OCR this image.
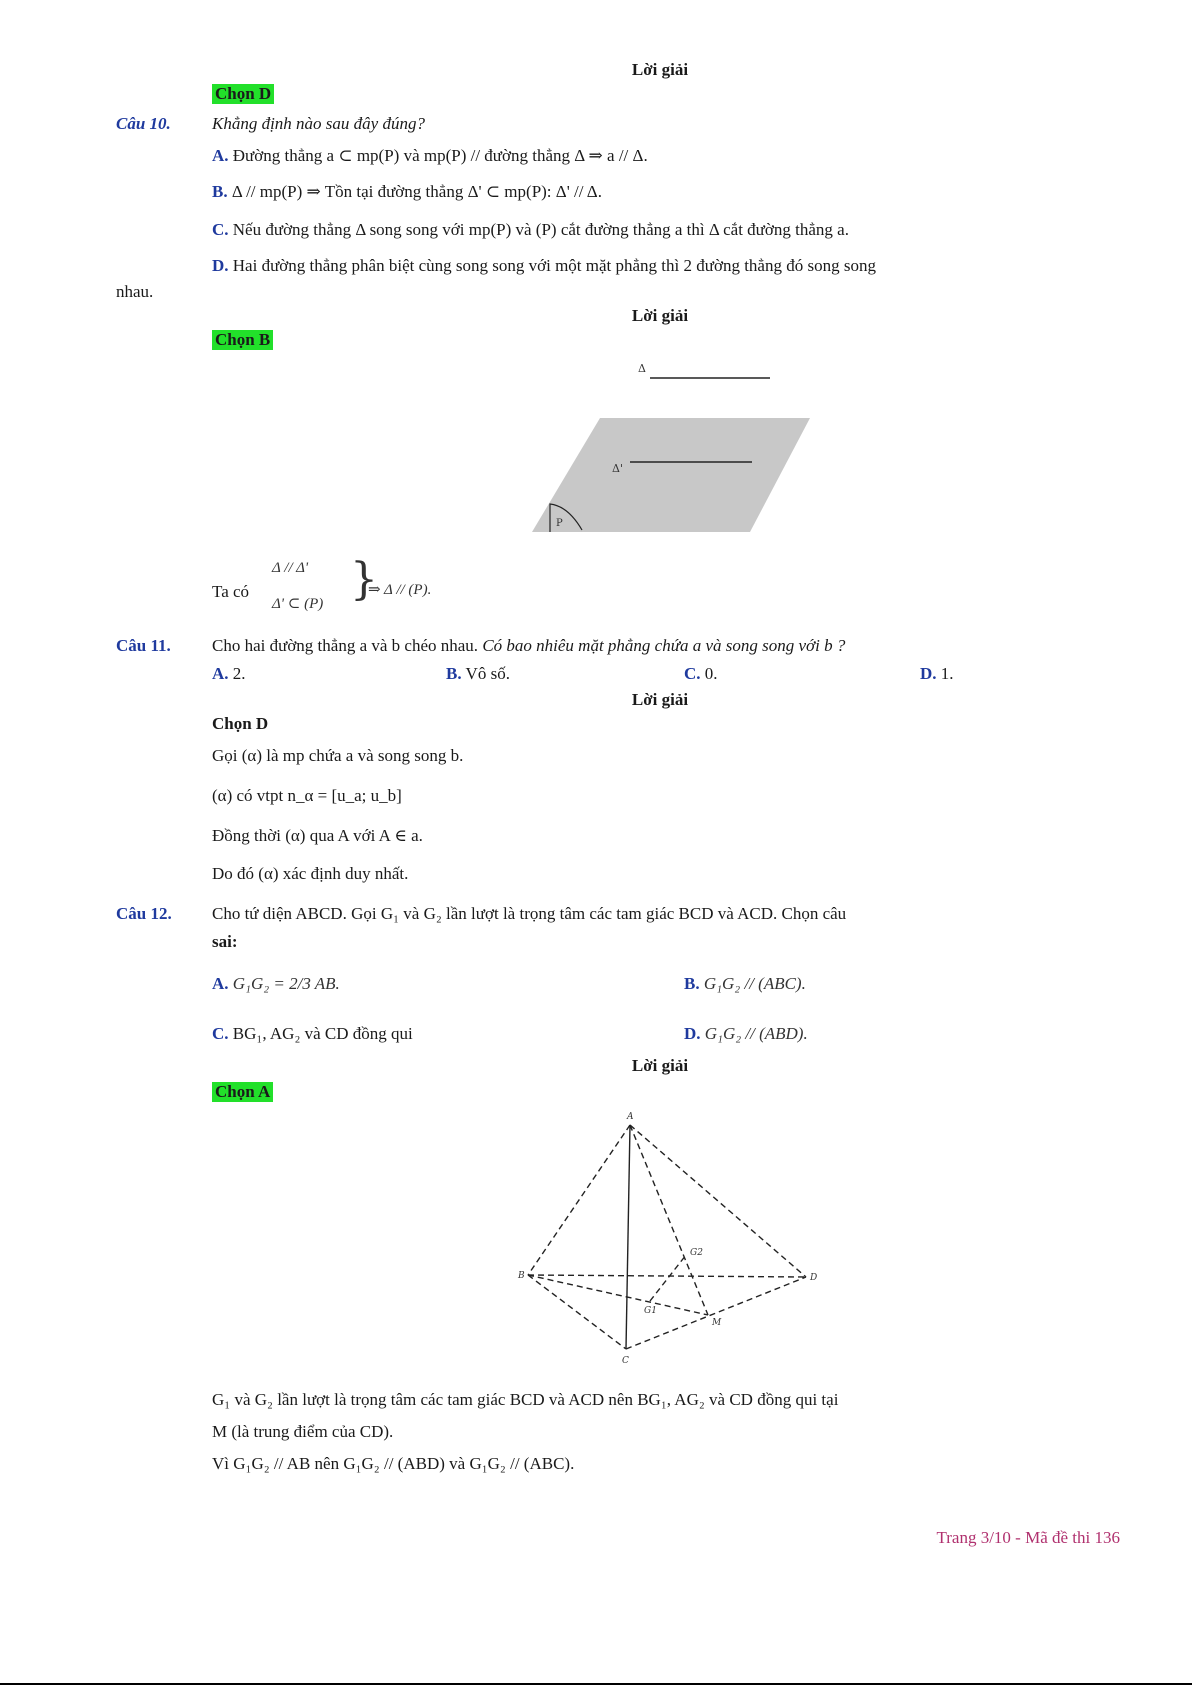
Lời giải
Chọn D
Câu 10. Khẳng định nào sau đây đúng?
A. Đường thẳng a ⊂ mp(P) và mp(P) // đường thẳng Δ ⇒ a // Δ.
B. Δ // mp(P) ⇒ Tồn tại đường thẳng Δ' ⊂ mp(P): Δ' // Δ.
C. Nếu đường thẳng Δ song song với mp(P) và (P) cắt đường thẳng a thì Δ cắt đường thẳng a.
D. Hai đường thẳng phân biệt cùng song song với một mặt phẳng thì 2 đường thẳng đó song song
nhau.
Lời giải
Chọn B
Δ
Δ'
P
Ta có
Δ // Δ'
Δ' ⊂ (P) }
⇒ Δ // (P).
Câu 11. Cho hai đường thẳng a và b chéo nhau. Có bao nhiêu mặt phẳng chứa a và song song với b ?
A. 2.	B. Vô số.	C. 0.	D. 1.
Lời giải
Chọn D
Gọi (α) là mp chứa a và song song b.
(α) có vtpt n_α = [u_a; u_b]
Đồng thời (α) qua A với A ∈ a.
Do đó (α) xác định duy nhất.
Câu 12. Cho tứ diện ABCD. Gọi G₁ và G₂ lần lượt là trọng tâm các tam giác BCD và ACD. Chọn câu
sai:
A. G₁G₂ = 2/3 AB.	B. G₁G₂ // (ABC).
C. BG₁, AG₂ và CD đồng qui	D. G₁G₂ // (ABD).
Lời giải
Chọn A
A
B
C
D
G2
G1
M
G₁ và G₂ lần lượt là trọng tâm các tam giác BCD và ACD nên BG₁, AG₂ và CD đồng qui tại
M (là trung điểm của CD).
Vì G₁G₂ // AB nên G₁G₂ // (ABD) và G₁G₂ // (ABC).
Trang 3/10 - Mã đề thi 136
